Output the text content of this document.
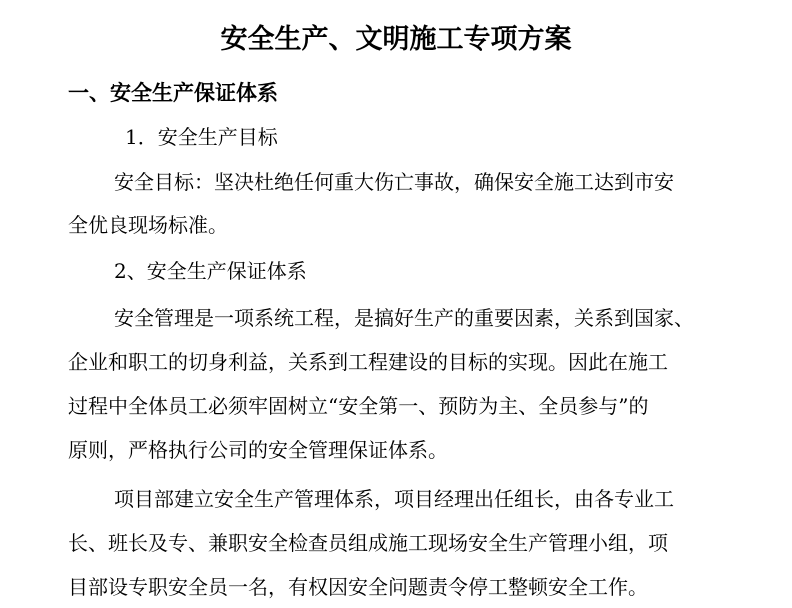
安全生产、文明施工专项方案
一、安全生产保证体系
1．安全生产目标
安全目标：坚决杜绝任何重大伤亡事故，确保安全施工达到市安
全优良现场标准。
2、安全生产保证体系
安全管理是一项系统工程，是搞好生产的重要因素，关系到国家、
企业和职工的切身利益，关系到工程建设的目标的实现。因此在施工
过程中全体员工必须牢固树立“安全第一、预防为主、全员参与”的
原则，严格执行公司的安全管理保证体系。
项目部建立安全生产管理体系，项目经理出任组长，由各专业工
长、班长及专、兼职安全检查员组成施工现场安全生产管理小组，项
目部设专职安全员一名，有权因安全问题责令停工整顿安全工作。
